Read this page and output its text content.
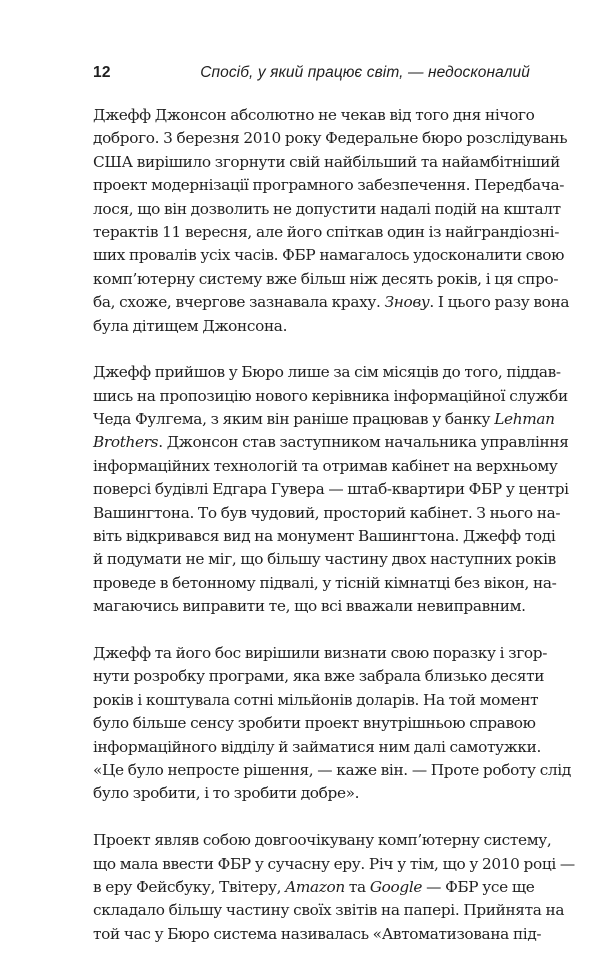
12	Спосіб, у який працює світ, — недосконалий

Джефф Джонсон абсолютно не чекав від того дня нічого
доброго. 3 березня 2010 року Федеральне бюро розслідувань
США вирішило згорнути свій найбільший та найамбітніший
проект модернізації програмного забезпечення. Передбача-
лося, що він дозволить не допустити надалі подій на кшталт
терактів 11 вересня, але його спіткав один із найграндіозні-
ших провалів усіх часів. ФБР намагалось удосконалити свою
комп’ютерну систему вже більш ніж десять років, і ця спро-
ба, схоже, вчергове зазнавала краху. Знову. І цього разу вона
була дітищем Джонсона.

Джефф прийшов у Бюро лише за сім місяців до того, піддав-
шись на пропозицію нового керівника інформаційної служби
Чеда Фулгема, з яким він раніше працював у банку Lehman
Brothers. Джонсон став заступником начальника управління
інформаційних технологій та отримав кабінет на верхньому
поверсі будівлі Едгара Гувера — штаб-квартири ФБР у центрі
Вашингтона. То був чудовий, просторий кабінет. З нього на-
віть відкривався вид на монумент Вашингтона. Джефф тоді
й подумати не міг, що більшу частину двох наступних років
проведе в бетонному підвалі, у тісній кімнатці без вікон, на-
магаючись виправити те, що всі вважали невиправним.

Джефф та його бос вирішили визнати свою поразку і згор-
нути розробку програми, яка вже забрала близько десяти
років і коштувала сотні мільйонів доларів. На той момент
було більше сенсу зробити проект внутрішньою справою
інформаційного відділу й займатися ним далі самотужки.
«Це було непросте рішення, — каже він. — Проте роботу слід
було зробити, і то зробити добре».

Проект являв собою довгоочікувану комп’ютерну систему,
що мала ввести ФБР у сучасну еру. Річ у тім, що у 2010 році —
в еру Фейсбуку, Твітеру, Amazon та Google — ФБР усе ще
складало більшу частину своїх звітів на папері. Прийнята на
той час у Бюро система називалась «Автоматизована під-
